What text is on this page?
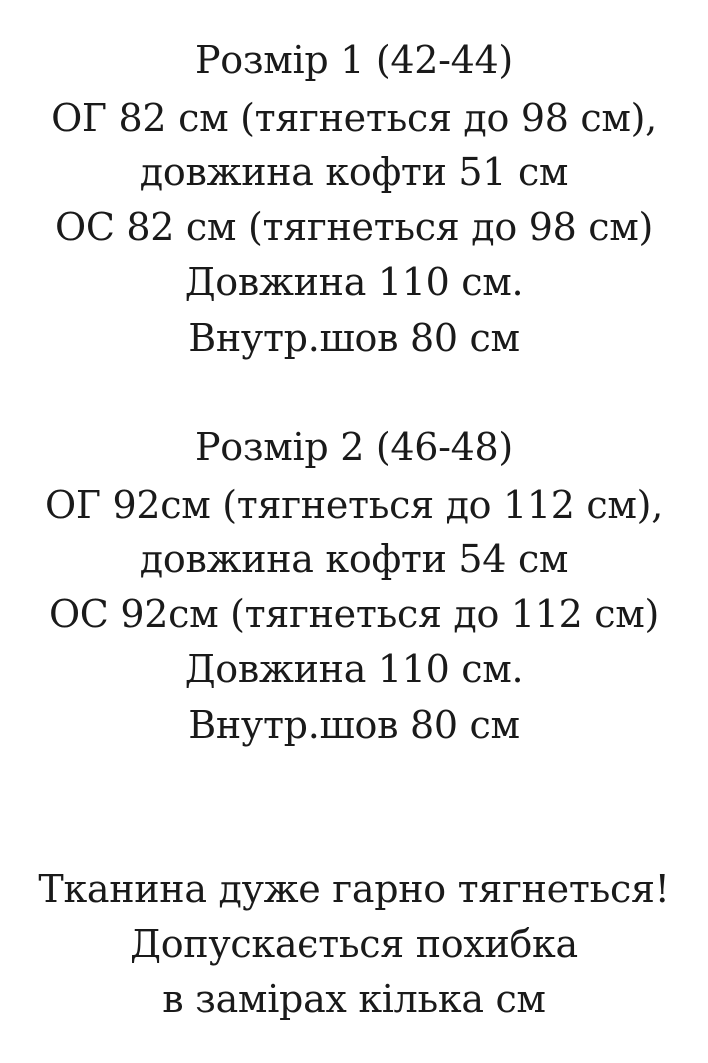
Розмір 1 (42-44)
ОГ 82 см (тягнеться до 98 см),
довжина кофти 51 см
ОС 82 см (тягнеться до 98 см)
Довжина 110 см.
Внутр.шов 80 см
Розмір 2 (46-48)
ОГ 92см (тягнеться до 112 см),
довжина кофти 54 см
ОС 92см (тягнеться до 112 см)
Довжина 110 см.
Внутр.шов 80 см
Тканина дуже гарно тягнеться!
Допускається похибка
в замірах кілька см
